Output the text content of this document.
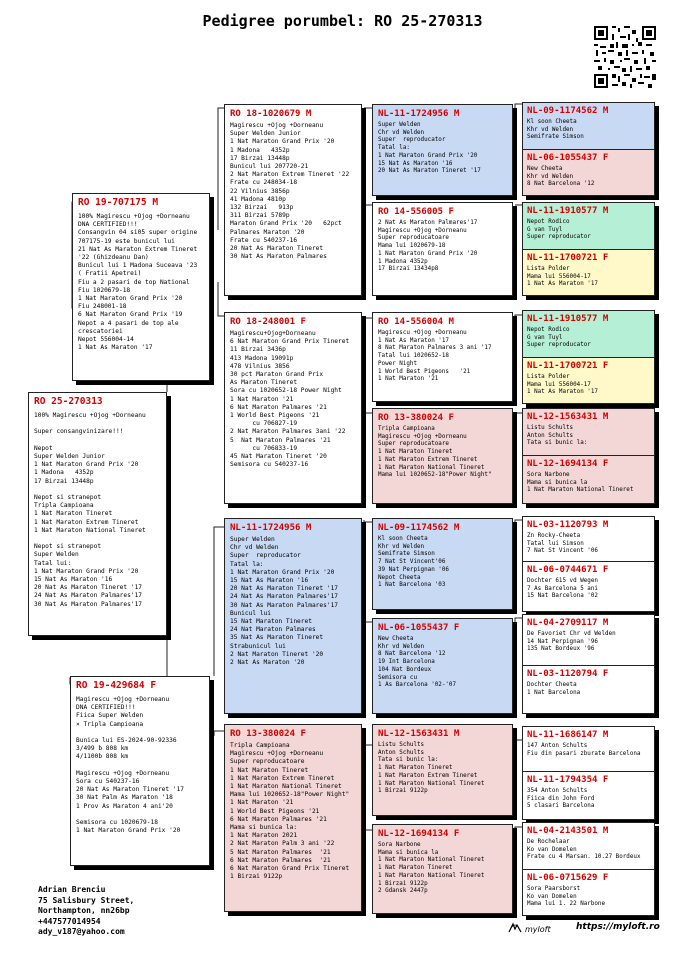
Pedigree porumbel: RO 25-270313
RO 25-270313
100% Magirescu +Ojog +Dorneanu

Super consangvinizare!!!

Nepot
Super Welden Junior
1 Nat Maraton Grand Prix '20
1 Madona   4352p
17 Birzai 13448p

Nepot si stranepot
Tripla Campioana
1 Nat Maraton Tineret
1 Nat Maraton Extrem Tineret
1 Nat Maraton National Tineret

Nepot si stranepot
Super Welden
Tatal lui:
1 Nat Maraton Grand Prix '20
15 Nat As Maraton '16
20 Nat As Maraton Tineret '17
24 Nat As Maraton Palmares'17
30 Nat As Maraton Palmares'17
RO 19-707175 M
100% Magirescu +Ojog +Dorneanu
DNA CERTIFIED!!!
Consangvin 04 si05 super origine
707175-19 este bunicul lui
21 Nat As Maraton Extrem Tineret
'22 (Ghizdeanu Dan)
Bunicul lui 1 Madona Suceava '23
( Fratii Apetrei)
Fiu a 2 pasari de top National
Fiu 1020679-18
1 Nat Maraton Grand Prix '20
Fiu 248001-18
6 Nat Maraton Grand Prix '19
Nepot a 4 pasari de top ale
crescatoriei
Nepot 556004-14
1 Nat As Maraton '17
RO 19-429684 F
Magirescu +Ojog +Dorneanu
DNA CERTIFIED!!!
Fiica Super Welden
× Tripla Campioana

Bunica lui ES-2024-90-92336
3/499 b 808 km
4/1100b 808 km

Magirescu +Ojog +Dorneanu
Sora cu 540237-16
20 Nat As Maraton Tineret '17
30 Nat Palm As Maraton '18
1 Prov As Maraton 4 ani'20

Semisora cu 1020679-18
1 Nat Maraton Grand Prix '20
RO 18-1020679 M
Magirescu +Ojog +Dorneanu
Super Welden Junior
1 Nat Maraton Grand Prix '20
1 Madona   4352p
17 Birzai 13448p
Bunicul lui 207720-21
2 Nat Maraton Extrem Tineret '22
Frate cu 248034-18
22 Vilnius 3856p
41 Madona 4810p
132 Birzai   913p
311 Birzai 5789p
Maraton Grand Prix '20   62pct
Palmares Maraton '20
Frate cu 540237-16
20 Nat As Maraton Tineret
30 Nat As Maraton Palmares
RO 18-248001 F
Magirescu+Ojog+Dorneanu
6 Nat Maraton Grand Prix Tineret
11 Birzai 3436p
413 Madona 19091p
478 Vilnius 3856
30 pct Maraton Grand Prix
As Maraton Tineret
Sora cu 1020652-18 Power Night
1 Nat Maraton '21
6 Nat Maraton Palmares '21
1 World Best Pigeons '21
cu 706827-19
2 Nat Maraton Palmares 3ani '22
5  Nat Maraton Palmares '21
cu 706833-19
45 Nat Maraton Tineret '20
Semisora cu 540237-16
NL-11-1724956 M
Super Welden
Chr vd Welden
Super  reproducator
Tatal la:
1 Nat Maraton Grand Prix '20
15 Nat As Maraton '16
20 Nat As Maraton Tineret '17
24 Nat As Maraton Palmares'17
30 Nat As Maraton Palmares'17
Bunicul lui
15 Nat Maraton Tineret
24 Nat Maraton Palmares
35 Nat As Maraton Tineret
Strabunicul lui
2 Nat Maraton Tineret '20
2 Nat As Maraton '20
RO 13-380024 F
Tripla Campioana
Magirescu +Ojog +Dorneanu
Super reproducatoare
1 Nat Maraton Tineret
1 Nat Maraton Extrem Tineret
1 Nat Maraton National Tineret
Mama lui 1020652-18"Power Night"
1 Nat Maraton '21
1 World Best Pigeons '21
6 Nat Maraton Palmares '21
Mama si bunica la:
1 Nat Maraton 2021
2 Nat Maraton Palm 3 ani '22
5 Nat Maraton Palmares  '21
6 Nat Maraton Palmares  '21
6 Nat Maraton Grand Prix Tineret
1 Birzai 9122p
NL-11-1724956 M
Super Welden
Chr vd Welden
Super  reproducator
Tatal la:
1 Nat Maraton Grand Prix '20
15 Nat As Maraton '16
20 Nat As Maraton Tineret '17
RO 14-556005 F
2 Nat As Maraton Palmares'17
Magirescu +Ojog +Dorneanu
Super reproducatoare
Mama lui 1020679-18
1 Nat Maraton Grand Prix '20
1 Madona 4352p
17 Birzai 13434p8
RO 14-556004 M
Magirescu +Ojog +Dorneanu
1 Nat As Maraton '17
8 Nat Maraton Palmares 3 ani '17
Tatal lui 1020652-18
Power Night
1 World Best Pigeons   '21
1 Nat Maraton '21
RO 13-380024 F
Tripla Campioana
Magirescu +Ojog +Dorneanu
Super reproducatoare
1 Nat Maraton Tineret
1 Nat Maraton Extrem Tineret
1 Nat Maraton National Tineret
Mama lui 1020652-18"Power Night"
NL-09-1174562 M
Kl soon Cheeta
Khr vd Welden
Semifrate Simson
7 Nat St Vincent'06
39 Nat Perpignan '06
Nepot Cheeta
1 Nat Barcelona '03
NL-06-1055437 F
New Cheeta
Khr vd Welden
8 Nat Barcelona '12
19 Int Barcelona
104 Nat Bordeux
Semisora cu
1 As Barcelona '02-'07
NL-12-1563431 M
Listu Schults
Anton Schults
Tata si bunic la:
1 Nat Maraton Tineret
1 Nat Maraton Extrem Tineret
1 Nat Maraton National Tineret
1 Birzai 9122p
NL-12-1694134 F
Sora Narbone
Mama si bunica la
1 Nat Maraton National Tineret
1 Nat Maraton Tineret
1 Nat Maraton National Tineret
1 Birzai 9122p
2 Gdansk 2447p
NL-09-1174562 M
Kl soon Cheeta
Khr vd Welden
Semifrate Simson
NL-06-1055437 F
New Cheeta
Khr vd Welden
8 Nat Barcelona '12
NL-11-1910577 M
Nepot Rodico
G van Tuyl
Super reproducator
NL-11-1700721 F
Lista Polder
Mama lui 556004-17
1 Nat As Maraton '17
NL-11-1910577 M
Nepot Rodico
G van Tuyl
Super reproducator
NL-11-1700721 F
Lista Polder
Mama lui 556004-17
1 Nat As Maraton '17
NL-12-1563431 M
Listu Schults
Anton Schults
Tata si bunic la:
NL-12-1694134 F
Sora Narbone
Mama si bunica la
1 Nat Maraton National Tineret
NL-03-1120793 M
Zn Rocky-Cheeta
Tatal lui Simson
7 Nat St Vincent '06
NL-06-0744671 F
Dochter 615 vd Wegen
7 As Barcelona 5 ani
15 Nat Barcelona '02
NL-04-2709117 M
De Favoriet Chr vd Welden
14 Nat Perpignan '96
135 Nat Bordeux '96
NL-03-1120794 F
Dochter Cheeta
1 Nat Barcelona
NL-11-1686147 M
147 Anton Schults
Fiu din pasari zburate Barcelona
NL-11-1794354 F
354 Anton Schults
Fiica din John Ford
5 clasari Barcelona
NL-04-2143501 M
De Rochelaar
Ko van Domelen
Frate cu 4 Marsan. 10.27 Bordeux
NL-06-0715629 F
Sora Paarsborst
Ko van Domelen
Mama lui 1. 22 Narbone
Adrian Brenciu
75 Salisbury Street,
Northampton, nn26bp
+447577014954
ady_v187@yahoo.com	myloft	https://myloft.ro
